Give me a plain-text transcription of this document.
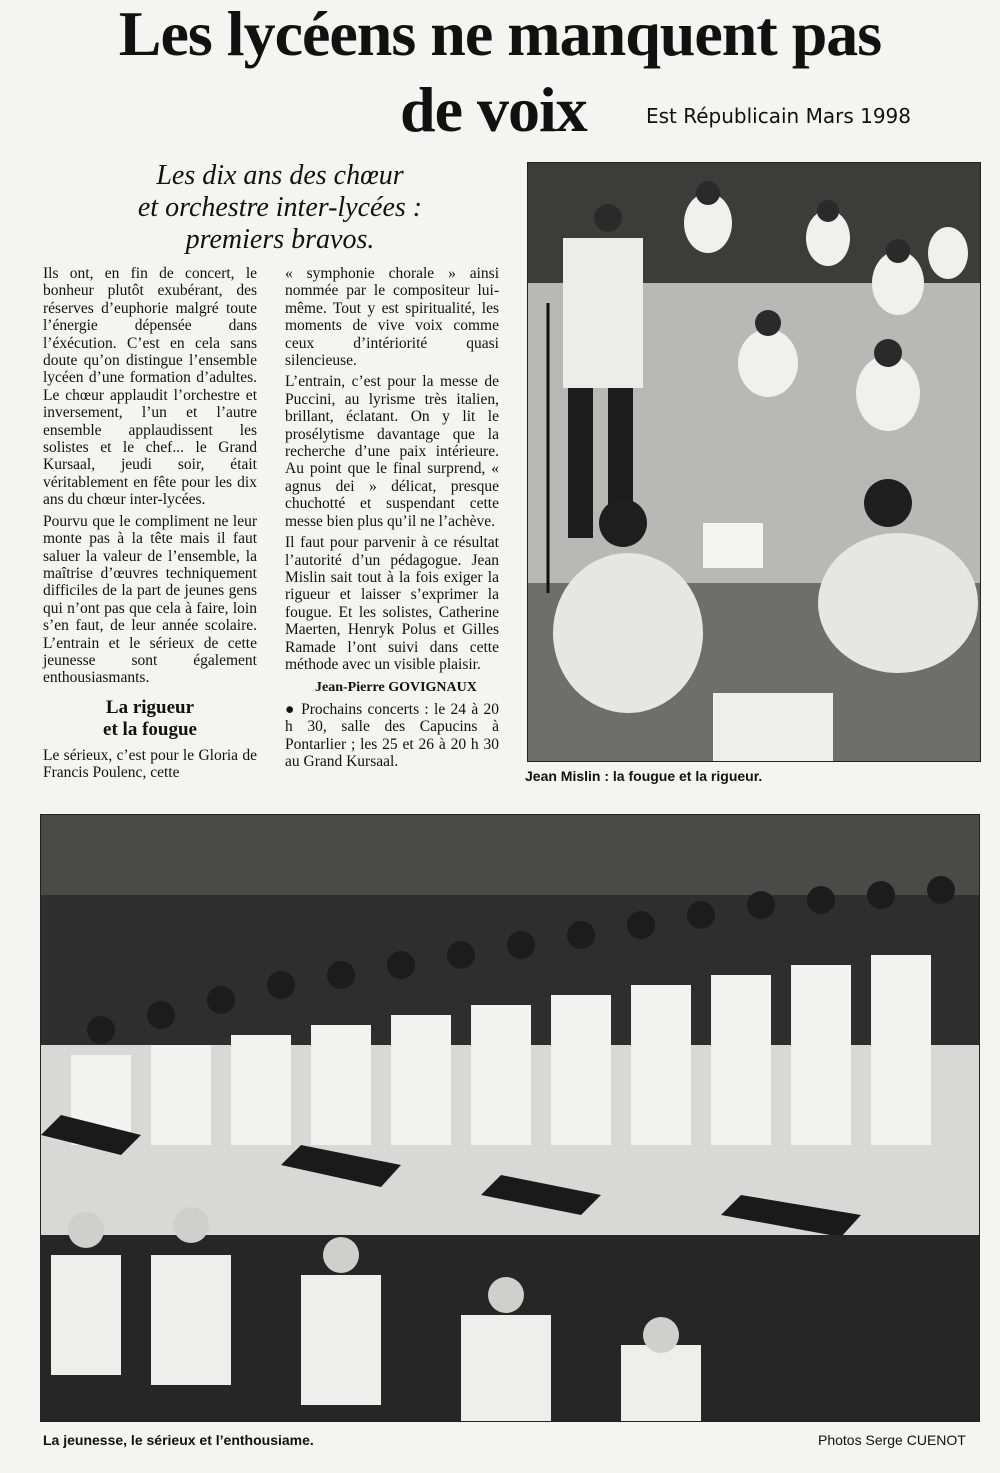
Les lycéens ne manquent pas
de voix	Est Républicain Mars 1998
Les dix ans des chœur
et orchestre inter-lycées :
premiers bravos.

Ils ont, en fin de concert, le bonheur plutôt exubérant, des réserves d’euphorie malgré toute l’énergie dépensée dans l’éxécution. C’est en cela sans doute qu’on distingue l’ensemble lycéen d’une formation d’adultes. Le chœur applaudit l’orchestre et inversement, l’un et l’autre ensemble applaudissent les solistes et le chef... le Grand Kursaal, jeudi soir, était véritablement en fête pour les dix ans du chœur inter-lycées.

Pourvu que le compliment ne leur monte pas à la tête mais il faut saluer la valeur de l’ensemble, la maîtrise d’œuvres techniquement difficiles de la part de jeunes gens qui n’ont pas que cela à faire, loin s’en faut, de leur année scolaire. L’entrain et le sérieux de cette jeunesse sont également enthousiasmants.

La rigueur
et la fougue

Le sérieux, c’est pour le Gloria de Francis Poulenc, cette

« symphonie chorale » ainsi nommée par le compositeur lui-même. Tout y est spiritualité, les moments de vive voix comme ceux d’intériorité quasi silencieuse.

L’entrain, c’est pour la messe de Puccini, au lyrisme très italien, brillant, éclatant. On y lit le prosélytisme davantage que la recherche d’une paix intérieure. Au point que le final surprend, « agnus dei » délicat, presque chuchotté et suspendant cette messe bien plus qu’il ne l’achève.

Il faut pour parvenir à ce résultat l’autorité d’un pédagogue. Jean Mislin sait tout à la fois exiger la rigueur et laisser s’exprimer la fougue. Et les solistes, Catherine Maerten, Henryk Polus et Gilles Ramade l’ont suivi dans cette méthode avec un visible plaisir.

Jean-Pierre GOVIGNAUX

● Prochains concerts : le 24 à 20 h 30, salle des Capucins à Pontarlier ; les 25 et 26 à 20 h 30 au Grand Kursaal.

Jean Mislin : la fougue et la rigueur.
La jeunesse, le sérieux et l’enthousiame.	Photos Serge CUENOT
